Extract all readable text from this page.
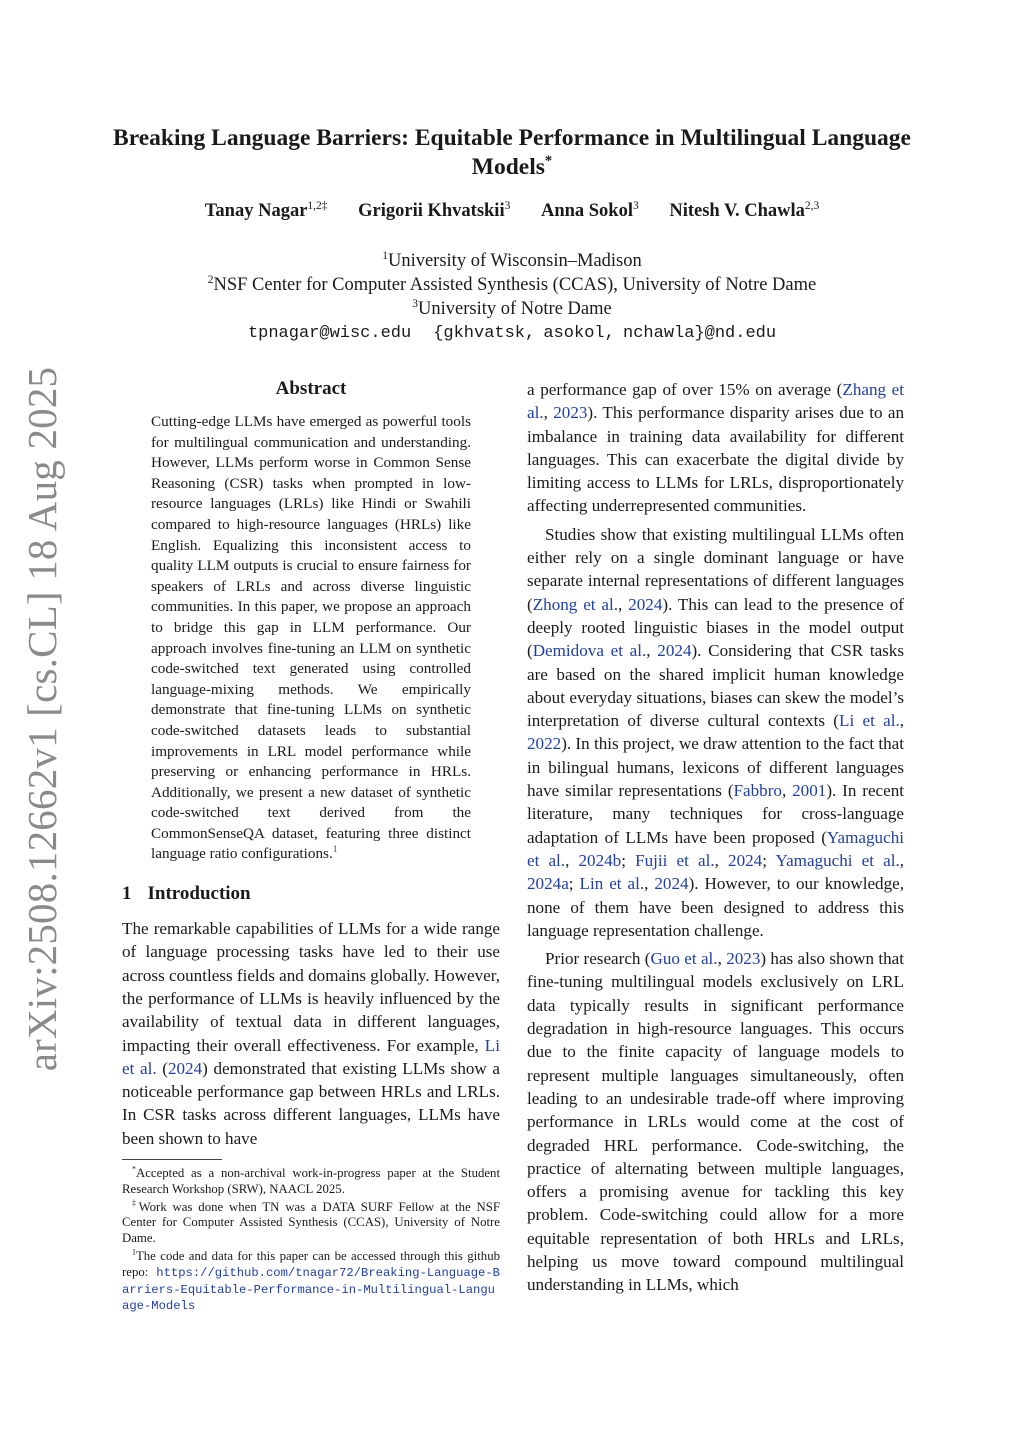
arXiv:2508.12662v1 [cs.CL] 18 Aug 2025
Breaking Language Barriers: Equitable Performance in Multilingual Language Models*
Tanay Nagar$^{1,2\ddagger}$ Grigorii Khvatskii$^3$ Anna Sokol$^3$ Nitesh V. Chawla$^{2,3}$
$^1$University of Wisconsin–Madison
$^2$NSF Center for Computer Assisted Synthesis (CCAS), University of Notre Dame
$^3$University of Notre Dame
tpnagar@wisc.edu {gkhvatsk, asokol, nchawla}@nd.edu
Abstract

Cutting-edge LLMs have emerged as powerful tools for multilingual communication and understanding. However, LLMs perform worse in Common Sense Reasoning (CSR) tasks when prompted in low-resource languages (LRLs) like Hindi or Swahili compared to high-resource languages (HRLs) like English. Equalizing this inconsistent access to quality LLM outputs is crucial to ensure fairness for speakers of LRLs and across diverse linguistic communities. In this paper, we propose an approach to bridge this gap in LLM performance. Our approach involves fine-tuning an LLM on synthetic code-switched text generated using controlled language-mixing methods. We empirically demonstrate that fine-tuning LLMs on synthetic code-switched datasets leads to substantial improvements in LRL model performance while preserving or enhancing performance in HRLs. Additionally, we present a new dataset of synthetic code-switched text derived from the CommonSenseQA dataset, featuring three distinct language ratio configurations.$^1$

1 Introduction

The remarkable capabilities of LLMs for a wide range of language processing tasks have led to their use across countless fields and domains globally. However, the performance of LLMs is heavily influenced by the availability of textual data in different languages, impacting their overall effectiveness. For example, Li et al. (2024) demonstrated that existing LLMs show a noticeable performance gap between HRLs and LRLs. In CSR tasks across different languages, LLMs have been shown to have

*Accepted as a non-archival work-in-progress paper at the Student Research Workshop (SRW), NAACL 2025.

‡Work was done when TN was a DATA SURF Fellow at the NSF Center for Computer Assisted Synthesis (CCAS), University of Notre Dame.

$^1$The code and data for this paper can be accessed through this github repo: https://github.com/tnagar72/Breaking-Language-Barriers-Equitable-Performance-in-Multilingual-Language-Models

a performance gap of over 15% on average (Zhang et al., 2023). This performance disparity arises due to an imbalance in training data availability for different languages. This can exacerbate the digital divide by limiting access to LLMs for LRLs, disproportionately affecting underrepresented communities.

Studies show that existing multilingual LLMs often either rely on a single dominant language or have separate internal representations of different languages (Zhong et al., 2024). This can lead to the presence of deeply rooted linguistic biases in the model output (Demidova et al., 2024). Considering that CSR tasks are based on the shared implicit human knowledge about everyday situations, biases can skew the model’s interpretation of diverse cultural contexts (Li et al., 2022). In this project, we draw attention to the fact that in bilingual humans, lexicons of different languages have similar representations (Fabbro, 2001). In recent literature, many techniques for cross-language adaptation of LLMs have been proposed (Yamaguchi et al., 2024b; Fujii et al., 2024; Yamaguchi et al., 2024a; Lin et al., 2024). However, to our knowledge, none of them have been designed to address this language representation challenge.

Prior research (Guo et al., 2023) has also shown that fine-tuning multilingual models exclusively on LRL data typically results in significant performance degradation in high-resource languages. This occurs due to the finite capacity of language models to represent multiple languages simultaneously, often leading to an undesirable trade-off where improving performance in LRLs would come at the cost of degraded HRL performance. Code-switching, the practice of alternating between multiple languages, offers a promising avenue for tackling this key problem. Code-switching could allow for a more equitable representation of both HRLs and LRLs, helping us move toward compound multilingual understanding in LLMs, which
